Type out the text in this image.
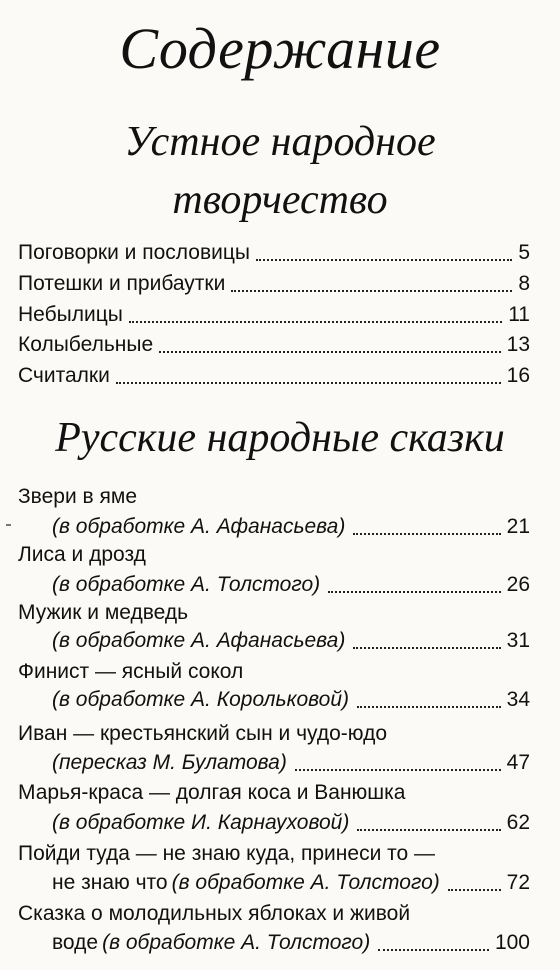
Содержание
Устное народное
творчество
Поговорки и пословицы	5
Потешки и прибаутки	8
Небылицы	11
Колыбельные	13
Считалки	16
Русские народные сказки
Звери в яме
(в обработке А. Афанасьева)	21
Лиса и дрозд
(в обработке А. Толстого)	26
Мужик и медведь
(в обработке А. Афанасьева)	31
Финист — ясный сокол
(в обработке А. Корольковой)	34
Иван — крестьянский сын и чудо-юдо
(пересказ М. Булатова)	47
Марья-краса — долгая коса и Ванюшка
(в обработке И. Карнауховой)	62
Пойди туда — не знаю куда, принеси то —
не знаю что (в обработке А. Толстого)	72
Сказка о молодильных яблоках и живой
воде (в обработке А. Толстого)	100
